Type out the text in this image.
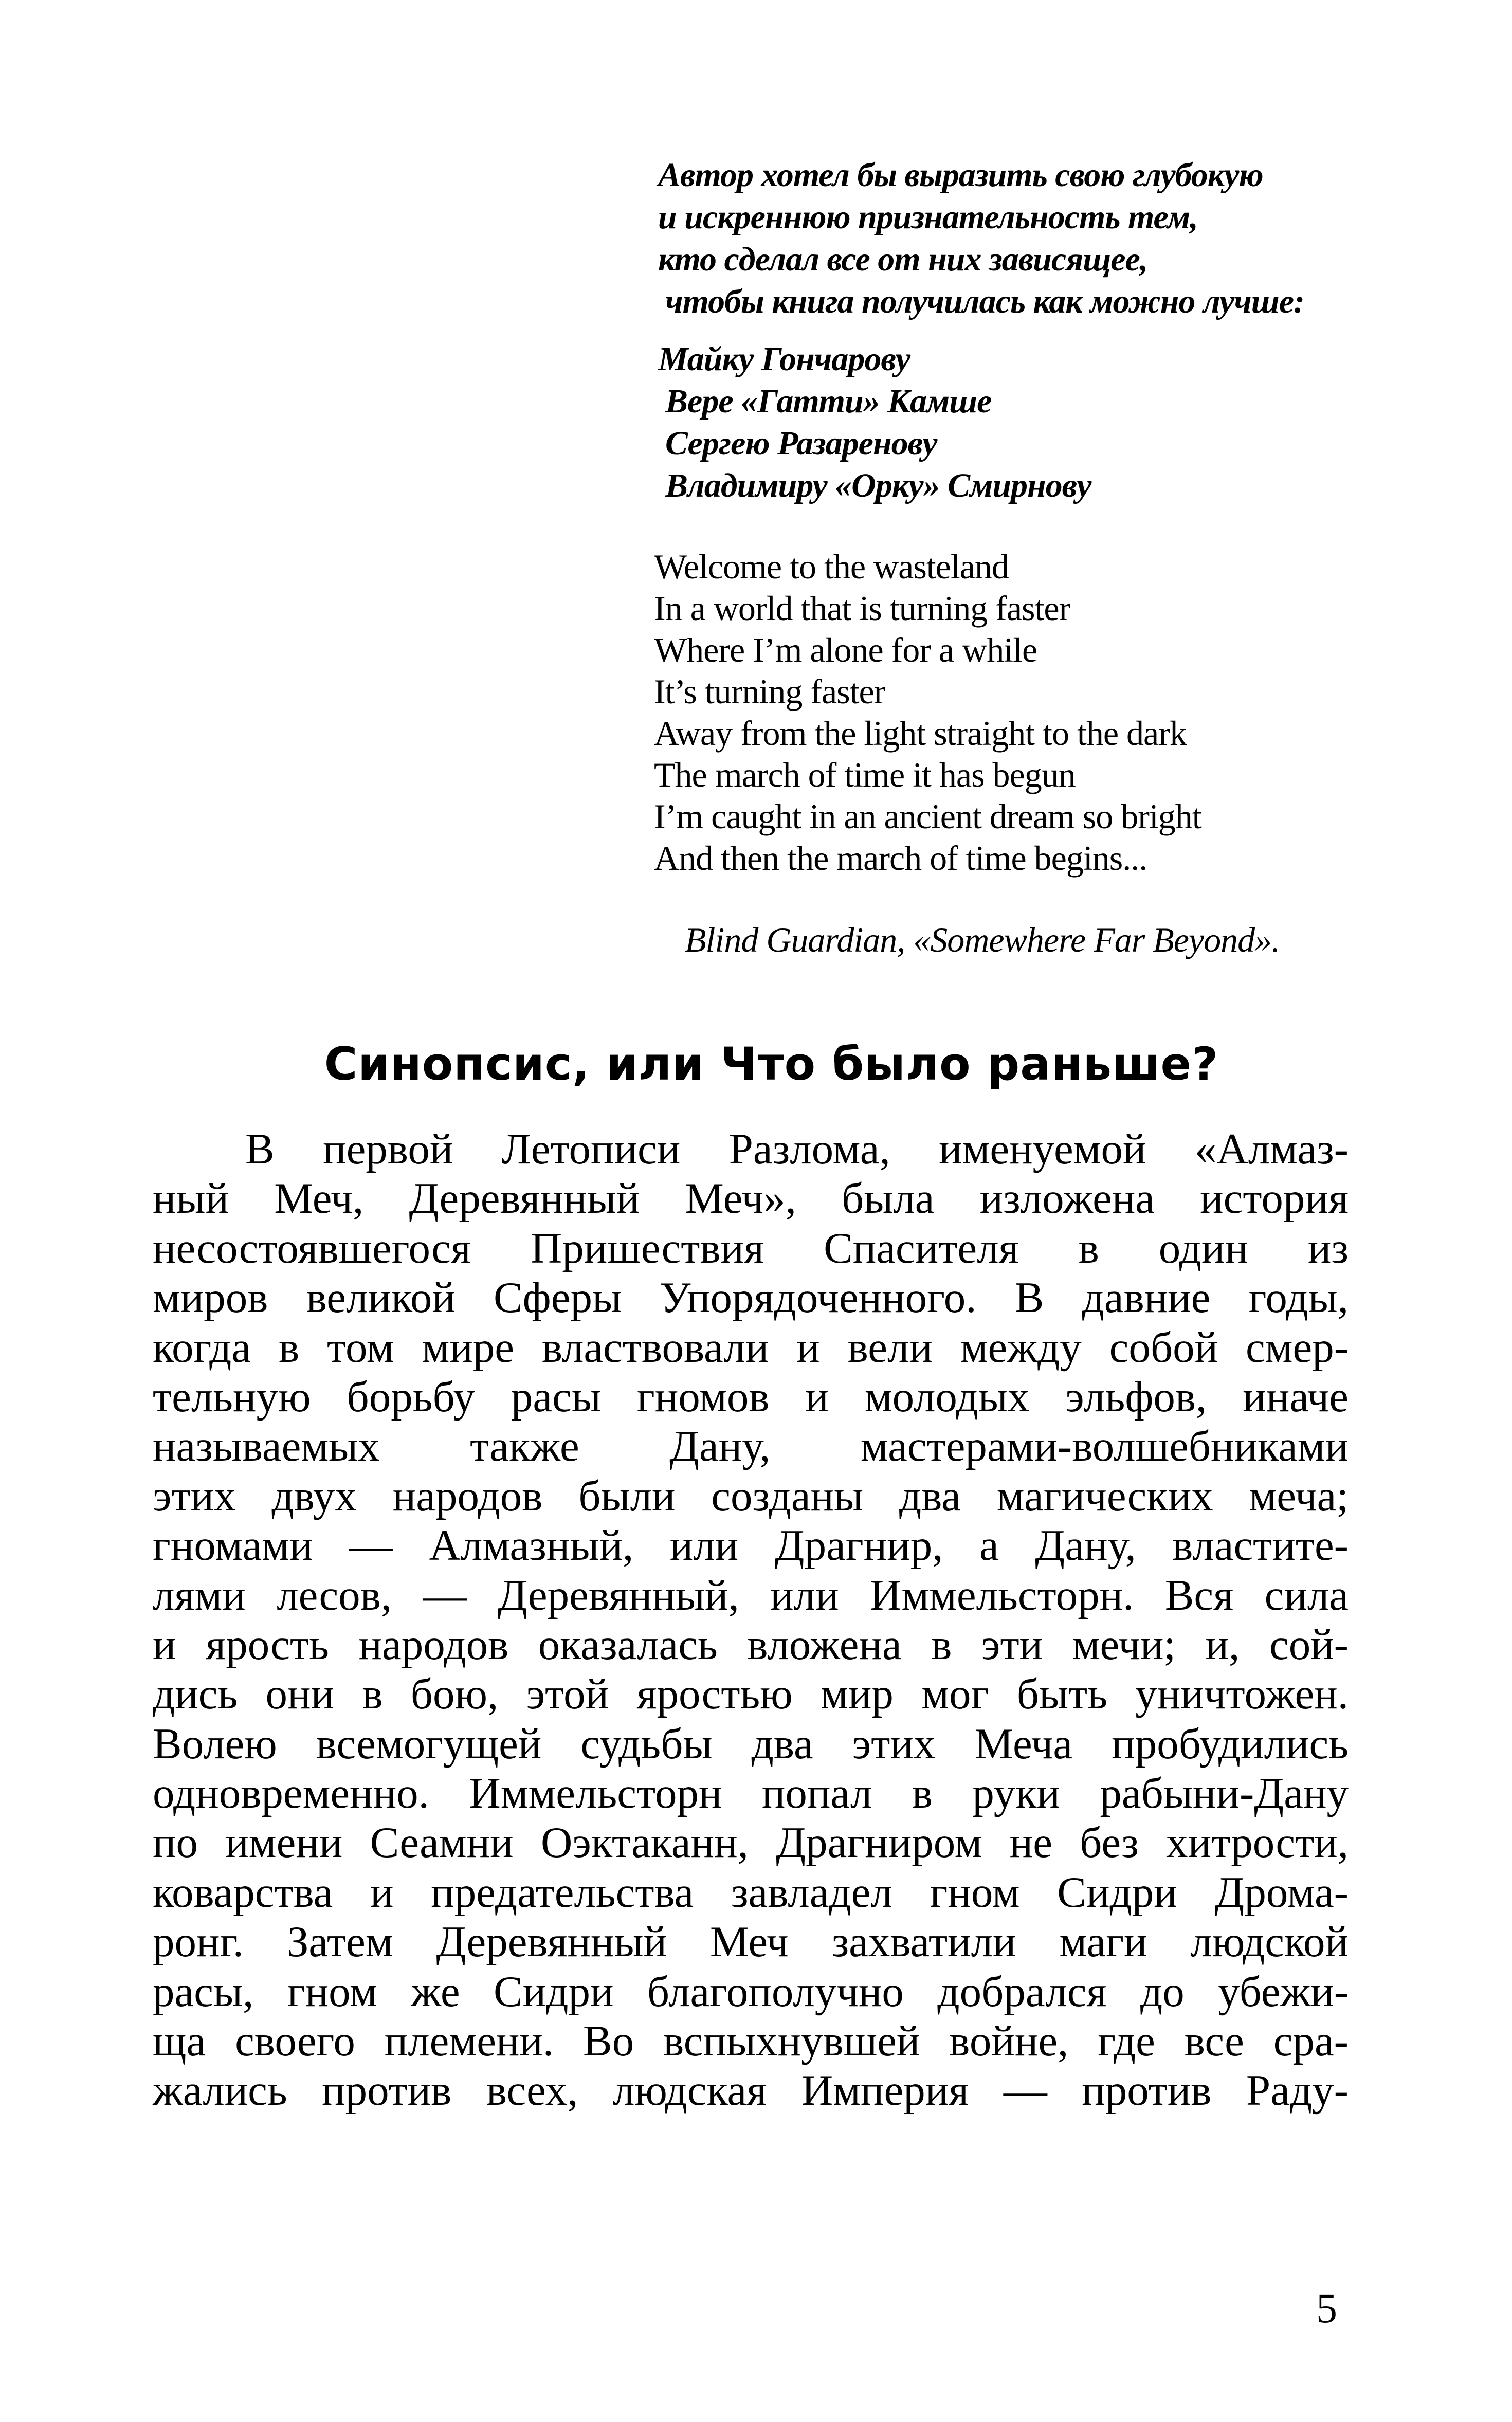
Автор хотел бы выразить свою глубокую
и искреннюю признательность тем,
кто сделал все от них зависящее,
чтобы книга получилась как можно лучше:
Майку Гончарову
Вере «Гатти» Камше
Сергею Разаренову
Владимиру «Орку» Смирнову
Welcome to the wasteland
In a world that is turning faster
Where I’m alone for a while
It’s turning faster
Away from the light straight to the dark
The march of time it has begun
I’m caught in an ancient dream so bright
And then the march of time begins...
Blind Guardian, «Somewhere Far Beyond».
Синопсис, или Что было раньше?
В первой Летописи Разлома, именуемой «Алмаз-
ный Меч, Деревянный Меч», была изложена история
несостоявшегося Пришествия Спасителя в один из
миров великой Сферы Упорядоченного. В давние годы,
когда в том мире властвовали и вели между собой смер-
тельную борьбу расы гномов и молодых эльфов, иначе
называемых также Дану, мастерами-волшебниками
этих двух народов были созданы два магических меча;
гномами — Алмазный, или Драгнир, а Дану, властите-
лями лесов, — Деревянный, или Иммельсторн. Вся сила
и ярость народов оказалась вложена в эти мечи; и, сой-
дись они в бою, этой яростью мир мог быть уничтожен.
Волею всемогущей судьбы два этих Меча пробудились
одновременно. Иммельсторн попал в руки рабыни-Дану
по имени Сеамни Оэктаканн, Драгниром не без хитрости,
коварства и предательства завладел гном Сидри Дрома-
ронг. Затем Деревянный Меч захватили маги людской
расы, гном же Сидри благополучно добрался до убежи-
ща своего племени. Во вспыхнувшей войне, где все сра-
жались против всех, людская Империя — против Раду-
5
